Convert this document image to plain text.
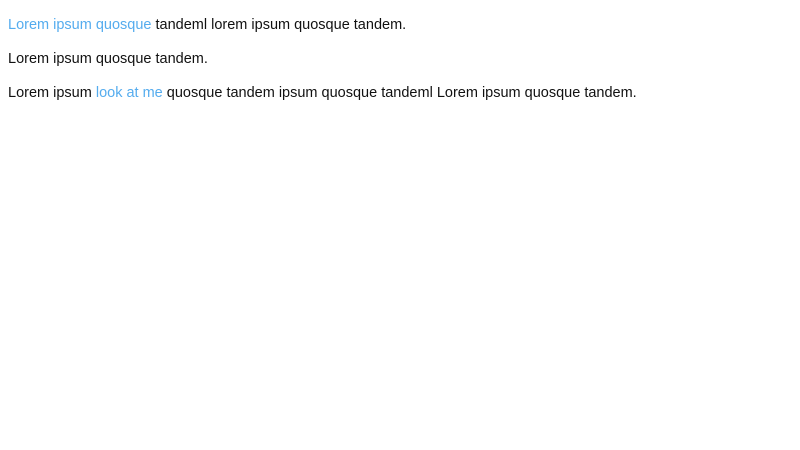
Lorem ipsum quosque tandeml lorem ipsum quosque tandem.

Lorem ipsum quosque tandem.

Lorem ipsum look at me quosque tandem ipsum quosque tandeml Lorem ipsum quosque tandem.
